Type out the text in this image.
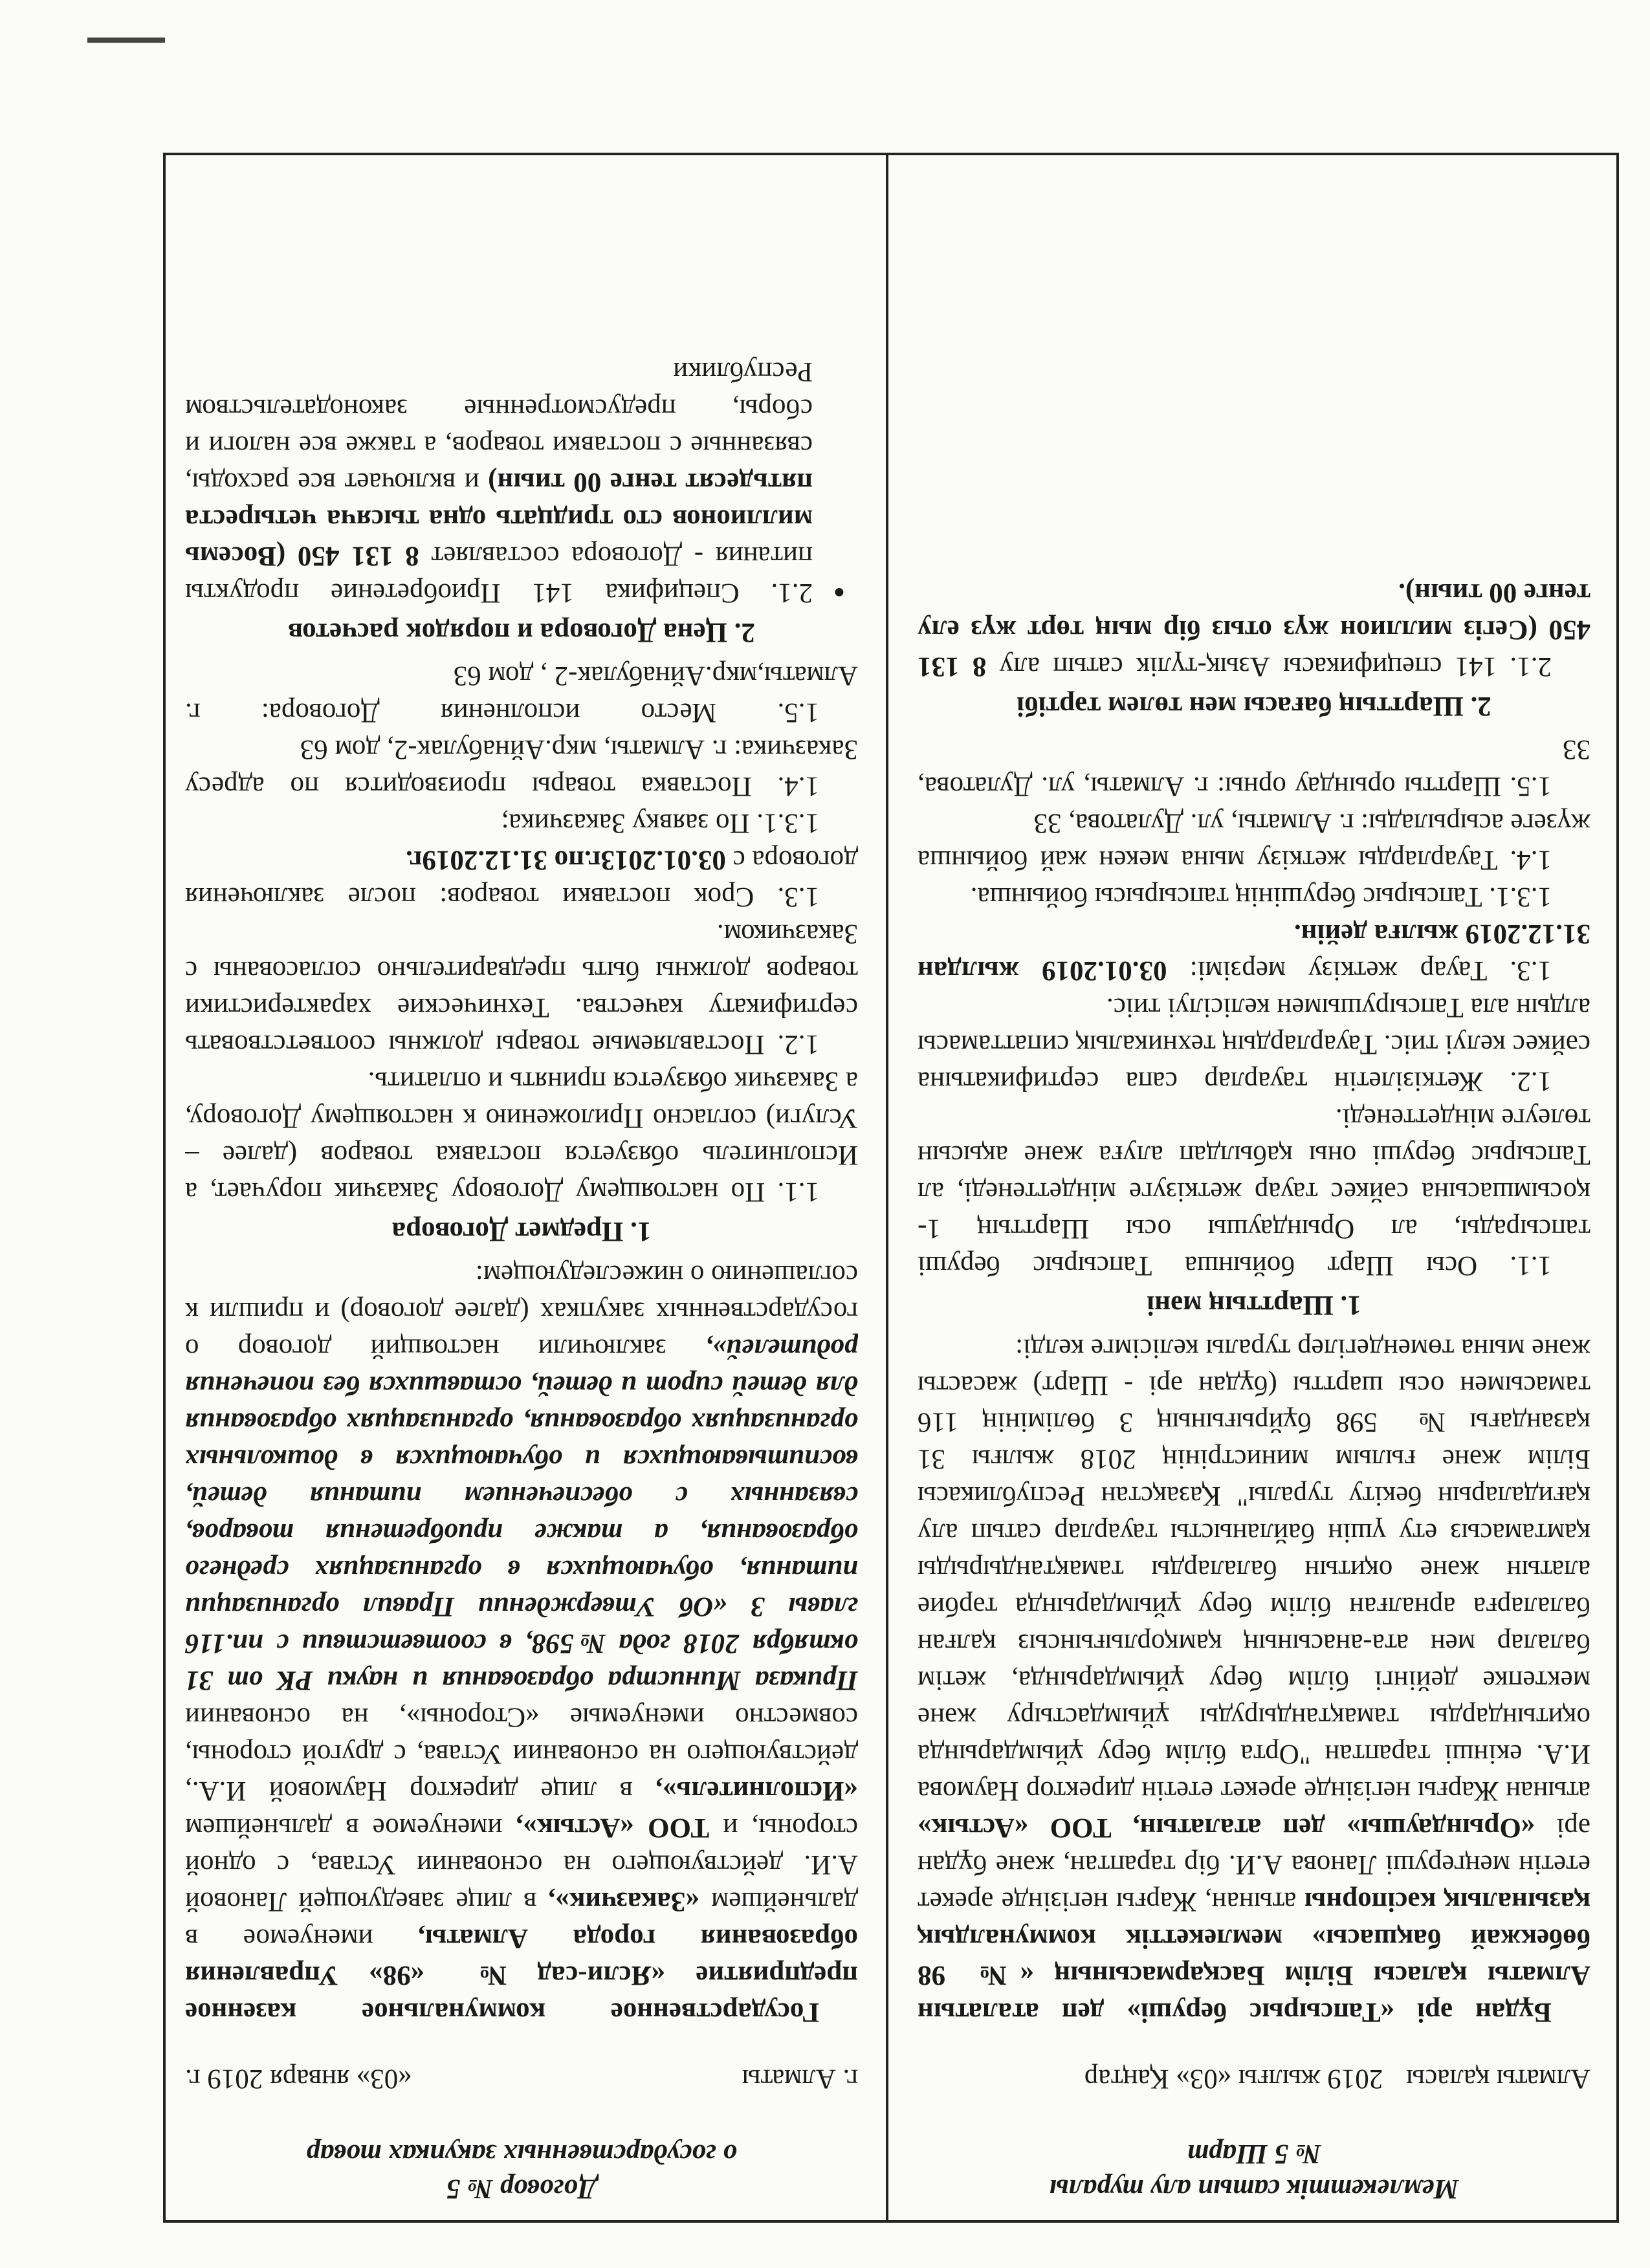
Мемлекеттік сатып алу туралы
№ 5 Шарт
Алматы қаласы
2019 жылғы «03» Қаңтар

Бұдан әрі «Тапсырыс беруші» деп аталатын Алматы қаласы Білім Басқармасының «№ 98 бөбекжай бақшасы» мемлекеттік коммуналдық қазыналық кәсіпорны атынан, Жарғы негізінде әрекет ететін меңгеруші Ланова А.И. бір тараптан, және бұдан әрі «Орындаушы» деп аталатын, ТОО «Астык» атынан Жарғы негізінде әрекет ететін директор Наумова И.А. екінші тараптан "Орта білім беру ұйымдарында оқитындарды тамақтандыруды ұйымдастыру және мектепке дейінгі білім беру ұйымдарында, жетім балалар мен ата-анасының қамқорлығынсыз қалған балаларға арналған білім беру ұйымдарында тәрбие алатын және оқитын балаларды тамақтандырыды қамтамасыз ету үшін байланысты тауарлар сатып алу қағидаларын бекіту туралы" Қазақстан Республикасы Білім және ғылым министрінің 2018 жылғы 31 қазандағы № 598 бұйрығының 3 бөлімінің 116 тамасымен осы шартты (бұдан әрі - Шарт) жасасты және мына төмендегілер туралы келісімге келді:

1. Шарттың мәні

1.1. Осы Шарт бойынша Тапсырыс беруші тапсырады, ал Орындаушы осы Шарттың 1-қосымшасына сәйкес тауар жеткізуге міндеттенеді, ал Тапсырыс беруші оны қабылдап алуға және ақысын төлеуге міндеттенеді.

1.2. Жеткізілетін тауарлар сапа сертификатына сәйкес келуі тиіс. Тауарлардың техникалық сипаттамасы алдын ала Тапсырушымен келісілуі тиіс.

1.3. Тауар жеткізу мерзімі: 03.01.2019 жылдан 31.12.2019 жылға дейін.

1.3.1. Тапсырыс берушінің тапсырысы бойынша.

1.4. Тауарларды жеткізу мына мекен жай бойынша жүзеге асырылады: г. Алматы, ул. Дулатова, 33

1.5. Шартты орындау орны: г. Алматы, ул. Дулатова, 33

2. Шарттың бағасы мен төлем тәртібі

2.1. 141 спецификасы Азық-түлік сатып алу 8 131 450 (Сегіз миллион жүз отыз бір мың төрт жүз елу тенге 00 тиын).

Договор № 5
о государственных закупках товар
г. Алматы
«03» января 2019 г.

Государственное коммунальное казенное предприятие «Ясли-сад № «98» Управления образования города Алматы, именуемое в дальнейшем «Заказчик», в лице заведующей Лановой А.И. действующего на основании Устава, с одной стороны, и ТОО «Астык», именуемое в дальнейшем «Исполнитель», в лице директор Наумовой И.А., действующего на основании Устава, с другой стороны, совместно именуемые «Стороны», на основании Приказа Министра образования и науки РК от 31 октября 2018 года №598, в соответствии с пп.116 главы 3 «Об Утверждении Правил организации питания, обучающихся в организациях среднего образования, а также приобретения товаров, связанных с обеспечением питания детей, воспитывающихся и обучающихся в дошкольных организациях образования, организациях образования для детей сирот и детей, оставшихся без попечения родителей», заключили настоящий договор о государственных закупках (далее договор) и пришли к соглашению о нижеследующем:

1. Предмет Договора

1.1. По настоящему Договору Заказчик поручает, а Исполнитель обязуется поставка товаров (далее – Услуги) согласно Приложению к настоящему Договору, а Заказчик обязуется принять и оплатить.

1.2. Поставляемые товары должны соответствовать сертификату качества. Технические характеристики товаров должны быть предварительно согласованы с Заказчиком.

1.3. Срок поставки товаров: после заключения договора с 03.01.2013г.по 31.12.2019г.

1.3.1. По заявку Заказчика;

1.4. Поставка товары производится по адресу Заказчика: г. Алматы, мкр.Айнабулак-2, дом 63

1.5. Место исполнения Договора: г. Алматы,мкр.Айнабулак-2 , дом 63

2. Цена Договора и порядок расчетов

● 2.1. Специфика 141 Приобретение продукты питания - Договора составляет 8 131 450 (Восемь миллионов сто тридцать одна тысяча четыреста пятьдесят тенге 00 тиын) и включает все расходы, связанные с поставки товаров, а также все налоги и сборы, предусмотренные законодательством Республики
